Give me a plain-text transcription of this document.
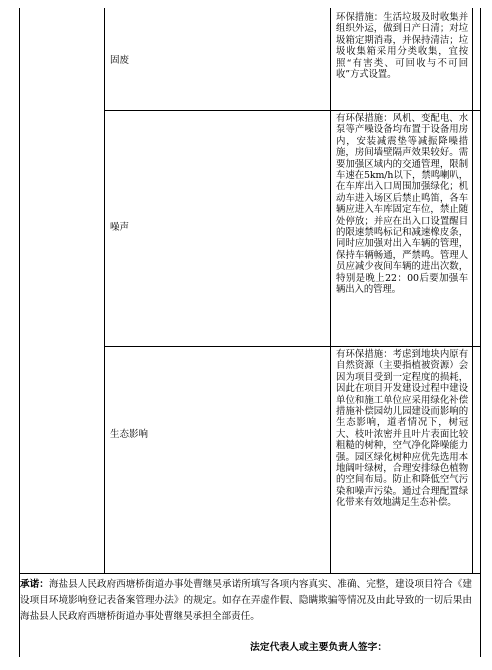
固废
环保措施：生活垃圾及时收集并组织外运，做到日产日清；对垃圾箱定期消毒，并保持清洁；垃圾收集箱采用分类收集，宜按照“有害类、可回收与不可回收”方式设置。
噪声
有环保措施：风机、变配电、水泵等产噪设备均布置于设备用房内，安装减震垫等减振降噪措施，房间墙壁隔声效果较好。需要加强区域内的交通管理，限制车速在5km/h以下，禁鸣喇叭，在车库出入口周围加强绿化；机动车进入场区后禁止鸣笛，各车辆应进入车库固定车位，禁止随处停放；并应在出入口设置醒目的限速禁鸣标记和减速橡皮条，同时应加强对出入车辆的管理，保持车辆畅通，严禁鸣。管理人员应减少夜间车辆的进出次数，特别是晚上22：00后要加强车辆出入的管理。
生态影响
有环保措施：考虑到地块内原有自然资源（主要指植被资源）会因为项目受到一定程度的损耗，因此在项目开发建设过程中建设单位和施工单位应采用绿化补偿措施补偿园幼儿园建设而影响的生态影响，道者情况下，树冠大、枝叶浓密并且叶片表面比较粗糙的树种，空气净化降噪能力强。园区绿化树种应优先选用本地阔叶绿树，合理安排绿色植物的空间布局。防止和降低空气污染和噪声污染。通过合理配置绿化带来有效地满足生态补偿。
承诺：海盐县人民政府西塘桥街道办事处曹继昊承诺所填写各项内容真实、准确、完整，建设项目符合《建设项目环境影响登记表备案管理办法》的规定。如存在弄虚作假、隐瞒欺骗等情况及由此导致的一切后果由海盐县人民政府西塘桥街道办事处曹继昊承担全部责任。
法定代表人或主要负责人签字：
